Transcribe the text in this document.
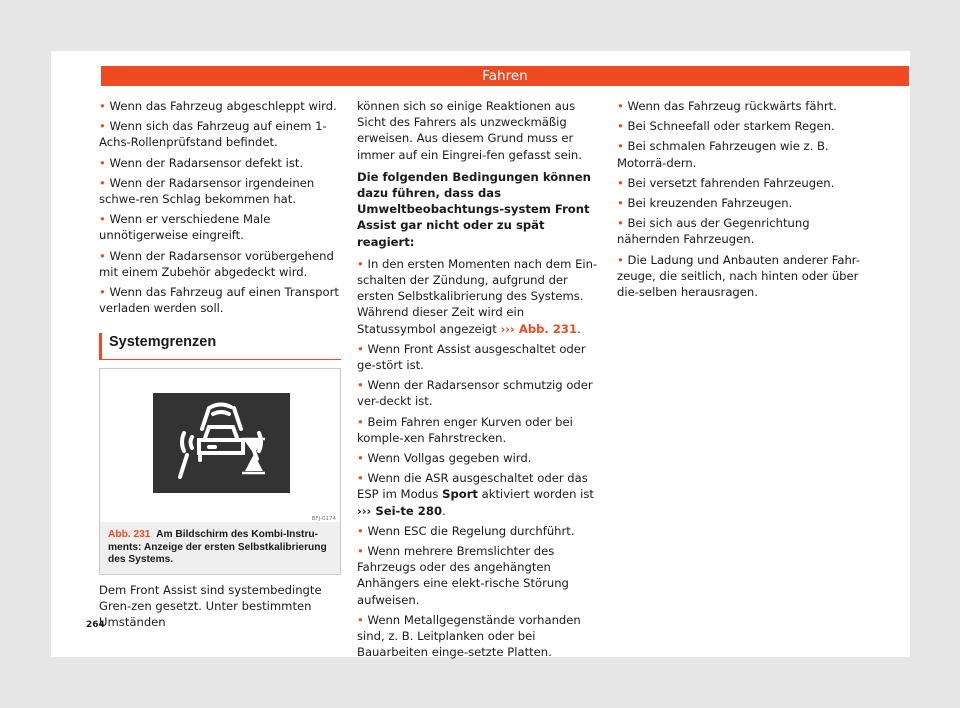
Fahren
• Wenn das Fahrzeug abgeschleppt wird.
• Wenn sich das Fahrzeug auf einem 1-Achs-Rollenprüfstand befindet.
• Wenn der Radarsensor defekt ist.
• Wenn der Radarsensor irgendeinen schwe-ren Schlag bekommen hat.
• Wenn er verschiedene Male unnötigerweise eingreift.
• Wenn der Radarsensor vorübergehend mit einem Zubehör abgedeckt wird.
• Wenn das Fahrzeug auf einen Transport verladen werden soll.
Systemgrenzen
BFJ-0174
Abb. 231 Am Bildschirm des Kombi-Instru-ments: Anzeige der ersten Selbstkalibrierung des Systems.
Dem Front Assist sind systembedingte Gren-zen gesetzt. Unter bestimmten Umständen
können sich so einige Reaktionen aus Sicht des Fahrers als unzweckmäßig erweisen. Aus diesem Grund muss er immer auf ein Eingrei-fen gefasst sein.
Die folgenden Bedingungen können dazu führen, dass das Umweltbeobachtungs-system Front Assist gar nicht oder zu spät reagiert:
• In den ersten Momenten nach dem Ein-schalten der Zündung, aufgrund der ersten Selbstkalibrierung des Systems. Während dieser Zeit wird ein Statussymbol angezeigt ››› Abb. 231.
• Wenn Front Assist ausgeschaltet oder ge-stört ist.
• Wenn der Radarsensor schmutzig oder ver-deckt ist.
• Beim Fahren enger Kurven oder bei komple-xen Fahrstrecken.
• Wenn Vollgas gegeben wird.
• Wenn die ASR ausgeschaltet oder das ESP im Modus Sport aktiviert worden ist ››› Sei-te 280.
• Wenn ESC die Regelung durchführt.
• Wenn mehrere Bremslichter des Fahrzeugs oder des angehängten Anhängers eine elekt-rische Störung aufweisen.
• Wenn Metallgegenstände vorhanden sind, z. B. Leitplanken oder bei Bauarbeiten einge-setzte Platten.
• Wenn das Fahrzeug rückwärts fährt.
• Bei Schneefall oder starkem Regen.
• Bei schmalen Fahrzeugen wie z. B. Motorrä-dern.
• Bei versetzt fahrenden Fahrzeugen.
• Bei kreuzenden Fahrzeugen.
• Bei sich aus der Gegenrichtung nähernden Fahrzeugen.
• Die Ladung und Anbauten anderer Fahr-zeuge, die seitlich, nach hinten oder über die-selben herausragen.
264
